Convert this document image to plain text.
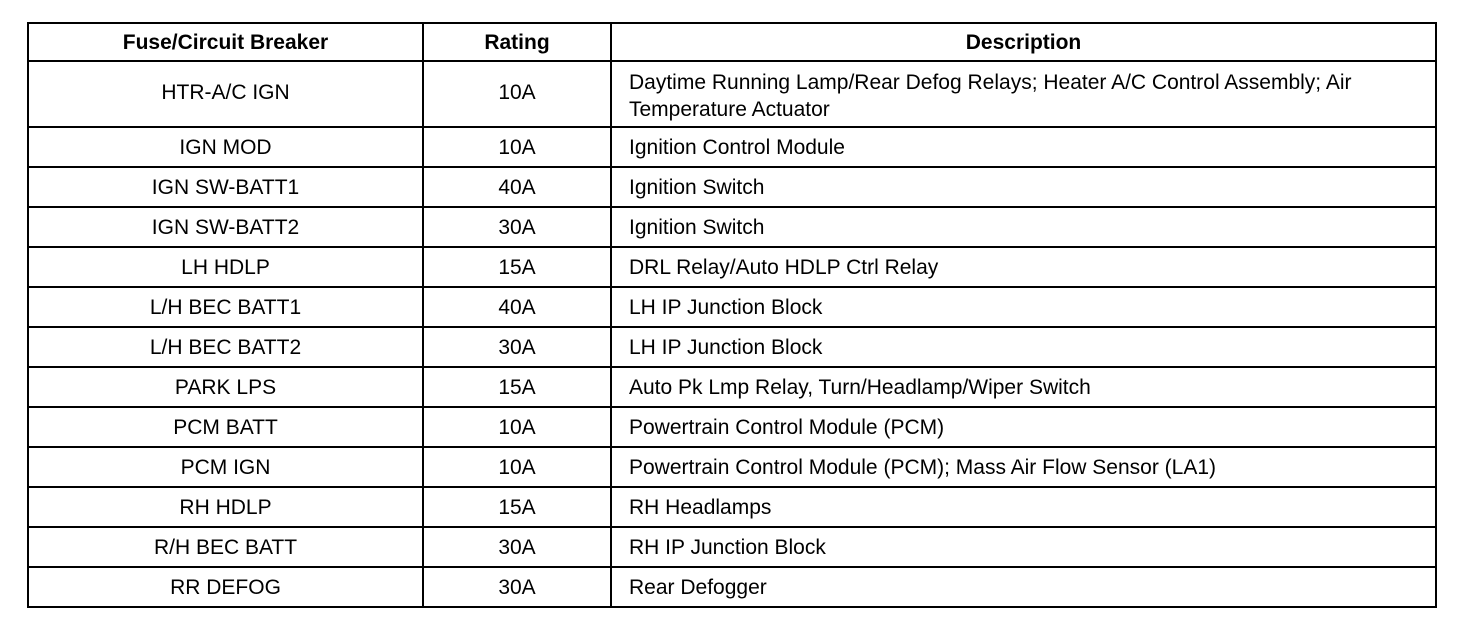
Fuse/Circuit Breaker	Rating	Description
HTR-A/C IGN	10A	Daytime Running Lamp/Rear Defog Relays; Heater A/C Control Assembly; Air Temperature Actuator
IGN MOD	10A	Ignition Control Module
IGN SW-BATT1	40A	Ignition Switch
IGN SW-BATT2	30A	Ignition Switch
LH HDLP	15A	DRL Relay/Auto HDLP Ctrl Relay
L/H BEC BATT1	40A	LH IP Junction Block
L/H BEC BATT2	30A	LH IP Junction Block
PARK LPS	15A	Auto Pk Lmp Relay, Turn/Headlamp/Wiper Switch
PCM BATT	10A	Powertrain Control Module (PCM)
PCM IGN	10A	Powertrain Control Module (PCM); Mass Air Flow Sensor (LA1)
RH HDLP	15A	RH Headlamps
R/H BEC BATT	30A	RH IP Junction Block
RR DEFOG	30A	Rear Defogger
